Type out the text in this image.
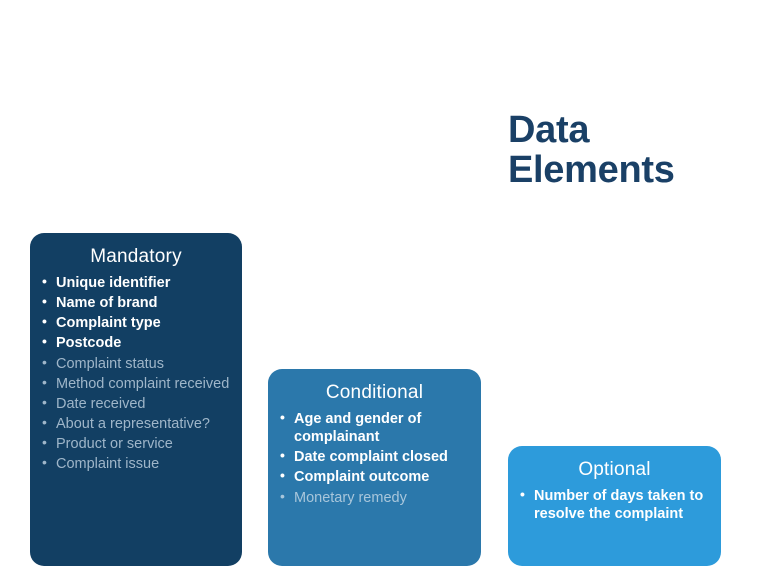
Data
Elements
Mandatory
• Unique identifier
• Name of brand
• Complaint type
• Postcode
• Complaint status
• Method complaint received
• Date received
• About a representative?
• Product or service
• Complaint issue
Conditional
• Age and gender of complainant
• Date complaint closed
• Complaint outcome
• Monetary remedy
Optional
• Number of days taken to resolve the complaint
